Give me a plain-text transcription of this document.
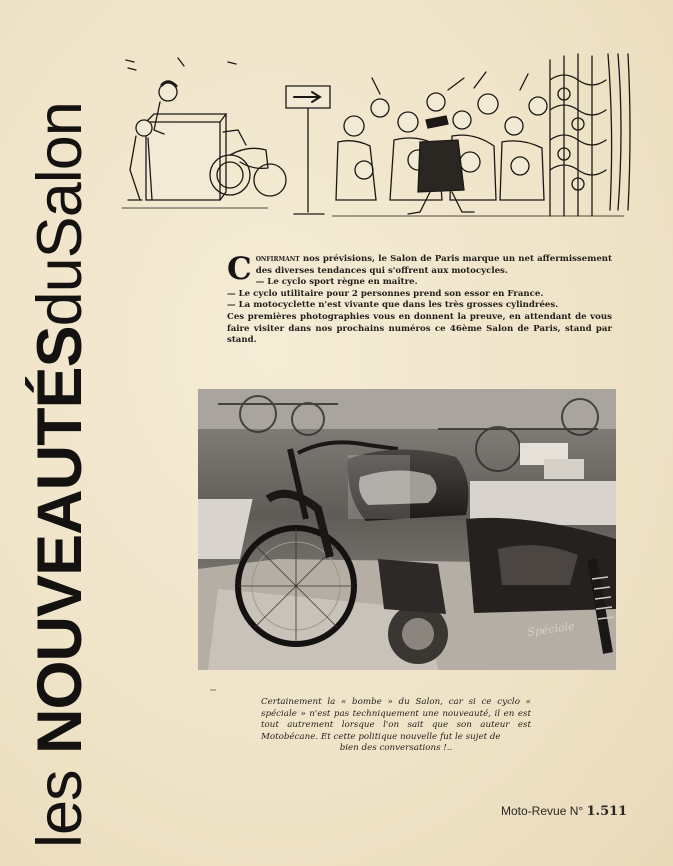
les NOUVEAUTÉSduSalon	C onfirmant nos prévisions, le Salon de Paris marque un net affermissement des diverses tendances qui s'offrent aux motocycles.

— Le cyclo sport règne en maître.

— Le cyclo utilitaire pour 2 personnes prend son essor en France.

— La motocyclette n'est vivante que dans les très grosses cylindrées.

Ces premières photographies vous en donnent la preuve, en attendant de vous faire visiter dans nos prochains numéros ce 46ème Salon de Paris, stand par stand.

Spéciale
Certainement la « bombe » du Salon, car si ce cyclo « spéciale » n'est pas techniquement une nouveauté, il en est tout autrement lorsque l'on sait que son auteur est Motobécane. Et cette politique nouvelle fut le sujet de
bien des conversations !..
Moto-Revue N° 1.511
